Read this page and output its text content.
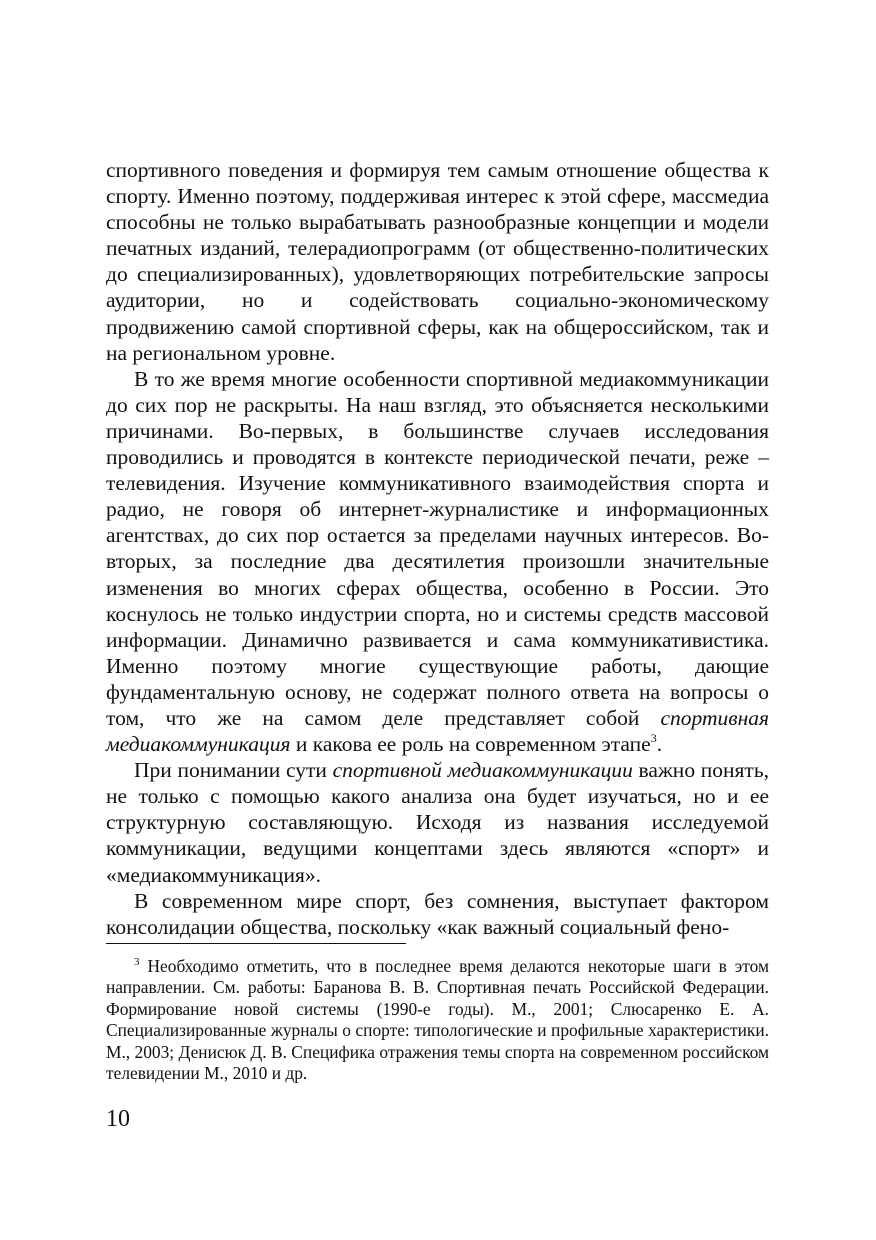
спортивного поведения и формируя тем самым отношение общества к спорту. Именно поэтому, поддерживая интерес к этой сфере, массмедиа способны не только вырабатывать разнообразные концепции и модели печатных изданий, телерадиопрограмм (от общественно-политических до специализированных), удовлетворяющих потребительские запросы аудитории, но и содействовать социально-экономическому продвижению самой спортивной сферы, как на общероссийском, так и на региональном уровне.

В то же время многие особенности спортивной медиакоммуникации до сих пор не раскрыты. На наш взгляд, это объясняется несколькими причинами. Во-первых, в большинстве случаев исследования проводились и проводятся в контексте периодической печати, реже – телевидения. Изучение коммуникативного взаимодействия спорта и радио, не говоря об интернет-журналистике и информационных агентствах, до сих пор остается за пределами научных интересов. Во-вторых, за последние два десятилетия произошли значительные изменения во многих сферах общества, особенно в России. Это коснулось не только индустрии спорта, но и системы средств массовой информации. Динамично развивается и сама коммуникативистика. Именно поэтому многие существующие работы, дающие фундаментальную основу, не содержат полного ответа на вопросы о том, что же на самом деле представляет собой спортивная медиакоммуникация и какова ее роль на современном этапе$^3$.

При понимании сути спортивной медиакоммуникации важно понять, не только с помощью какого анализа она будет изучаться, но и ее структурную составляющую. Исходя из названия исследуемой коммуникации, ведущими концептами здесь являются «спорт» и «медиакоммуникация».

В современном мире спорт, без сомнения, выступает фактором консолидации общества, поскольку «как важный социальный фено-

$^3$ Необходимо отметить, что в последнее время делаются некоторые шаги в этом направлении. См. работы: Баранова В. В. Спортивная печать Российской Федерации. Формирование новой системы (1990-е годы). М., 2001; Слюсаренко Е. А. Специализированные журналы о спорте: типологические и профильные характеристики. М., 2003; Денисюк Д. В. Специфика отражения темы спорта на современном российском телевидении М., 2010 и др.

10
